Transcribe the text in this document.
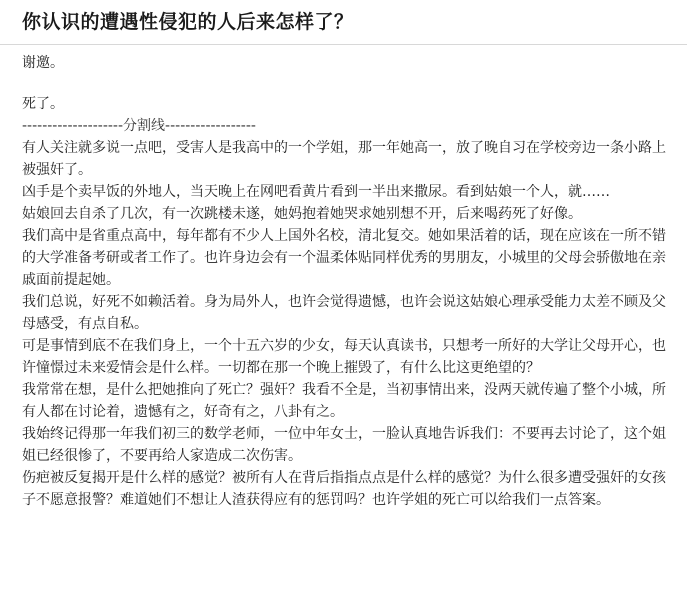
你认识的遭遇性侵犯的人后来怎样了？

谢邀。

死了。

--------------------分割线------------------

有人关注就多说一点吧，受害人是我高中的一个学姐，那一年她高一，放了晚自习在学校旁边一条小路上被强奸了。

凶手是个卖早饭的外地人，当天晚上在网吧看黄片看到一半出来撒尿。看到姑娘一个人，就……

姑娘回去自杀了几次，有一次跳楼未遂，她妈抱着她哭求她别想不开，后来喝药死了好像。

我们高中是省重点高中，每年都有不少人上国外名校，清北复交。她如果活着的话，现在应该在一所不错的大学准备考研或者工作了。也许身边会有一个温柔体贴同样优秀的男朋友，小城里的父母会骄傲地在亲戚面前提起她。

我们总说，好死不如赖活着。身为局外人，也许会觉得遗憾，也许会说这姑娘心理承受能力太差不顾及父母感受，有点自私。

可是事情到底不在我们身上，一个十五六岁的少女，每天认真读书，只想考一所好的大学让父母开心，也许憧憬过未来爱情会是什么样。一切都在那一个晚上摧毁了，有什么比这更绝望的？

我常常在想，是什么把她推向了死亡？强奸？我看不全是，当初事情出来，没两天就传遍了整个小城，所有人都在讨论着，遗憾有之，好奇有之，八卦有之。

我始终记得那一年我们初三的数学老师，一位中年女士，一脸认真地告诉我们：不要再去讨论了，这个姐姐已经很惨了，不要再给人家造成二次伤害。

伤疤被反复揭开是什么样的感觉？被所有人在背后指指点点是什么样的感觉？为什么很多遭受强奸的女孩子不愿意报警？难道她们不想让人渣获得应有的惩罚吗？也许学姐的死亡可以给我们一点答案。
